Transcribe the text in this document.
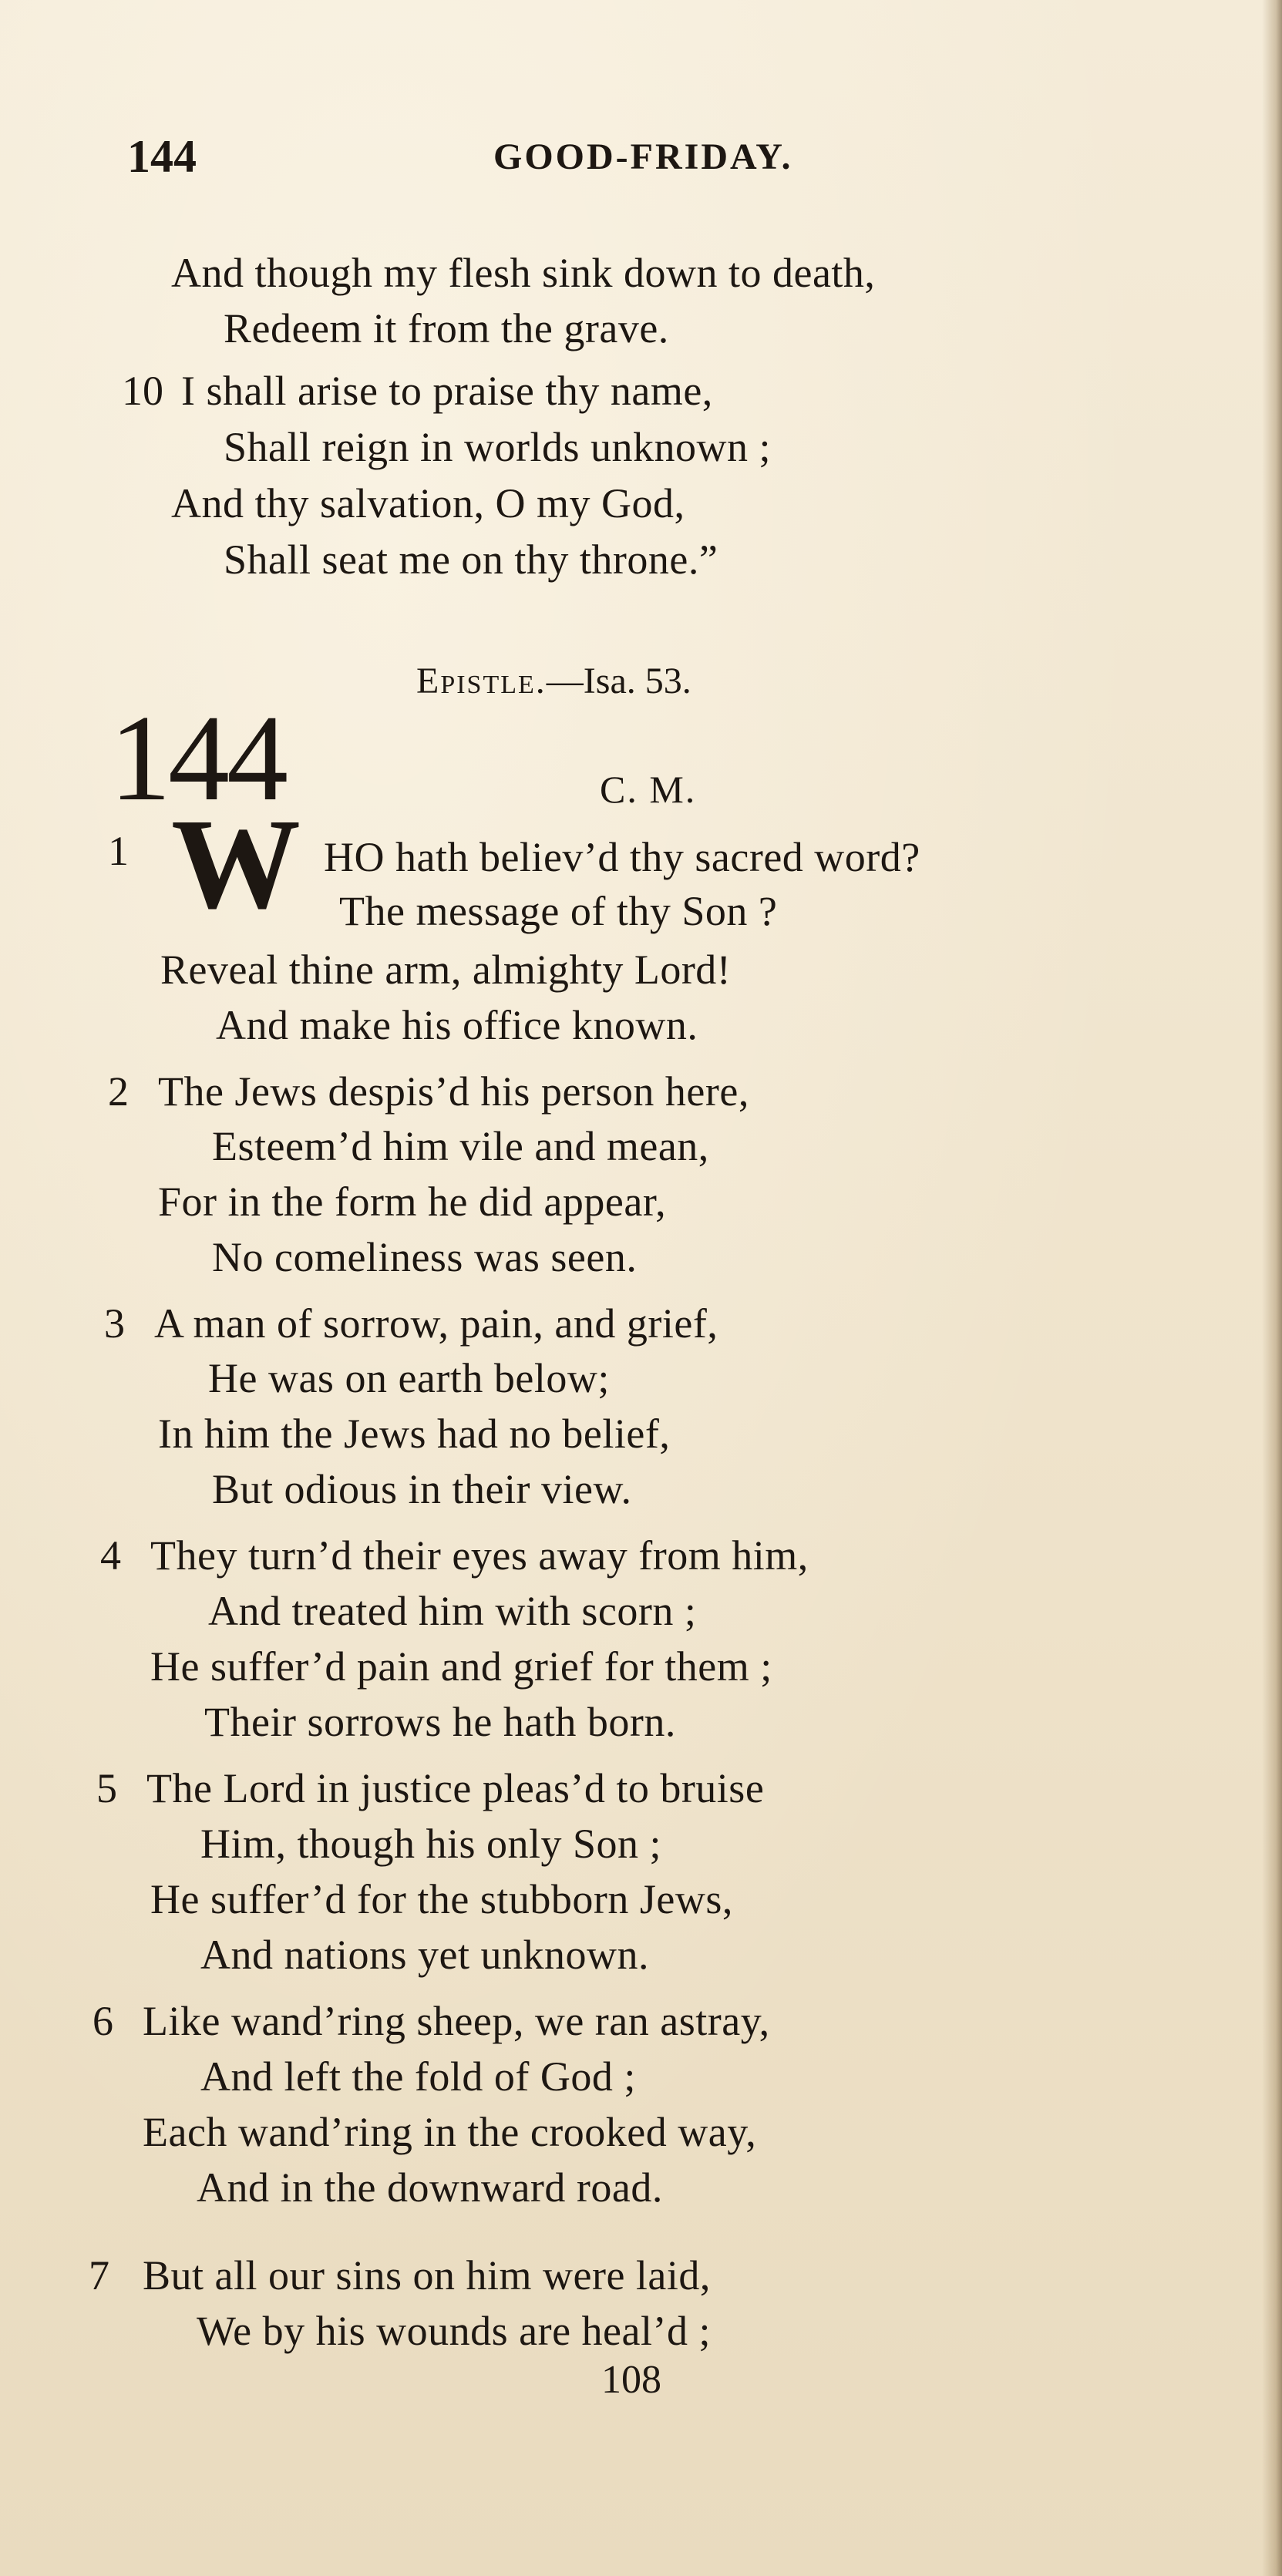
144	GOOD-FRIDAY.
And though my flesh sink down to death,
Redeem it from the grave.
10 I shall arise to praise thy name,
Shall reign in worlds unknown ;
And thy salvation, O my God,
Shall seat me on thy throne.”
Epistle.—Isa. 53.
144	C. M.
1 W HO hath believ’d thy sacred word?
The message of thy Son ?
Reveal thine arm, almighty Lord!
And make his office known.
2 The Jews despis’d his person here,
Esteem’d him vile and mean,
For in the form he did appear,
No comeliness was seen.
3 A man of sorrow, pain, and grief,
He was on earth below;
In him the Jews had no belief,
But odious in their view.
4 They turn’d their eyes away from him,
And treated him with scorn ;
He suffer’d pain and grief for them ;
Their sorrows he hath born.
5 The Lord in justice pleas’d to bruise
Him, though his only Son ;
He suffer’d for the stubborn Jews,
And nations yet unknown.
6 Like wand’ring sheep, we ran astray,
And left the fold of God ;
Each wand’ring in the crooked way,
And in the downward road.
7 But all our sins on him were laid,
We by his wounds are heal’d ;
108
